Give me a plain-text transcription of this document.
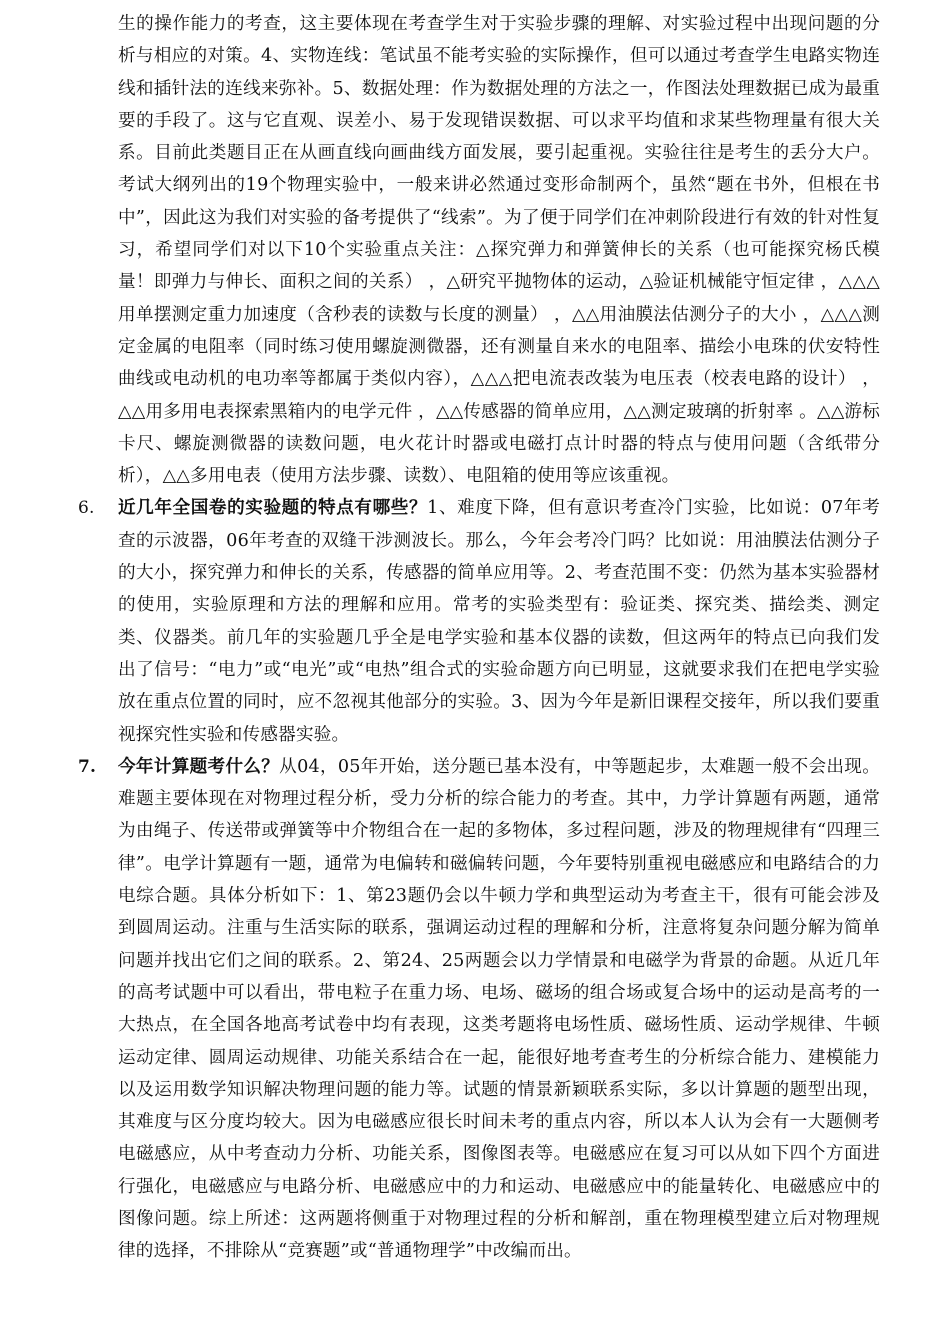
生的操作能力的考查，这主要体现在考查学生对于实验步骤的理解、对实验过程中出现问题的分析与相应的对策。4、实物连线：笔试虽不能考实验的实际操作，但可以通过考查学生电路实物连线和插针法的连线来弥补。5、数据处理：作为数据处理的方法之一，作图法处理数据已成为最重要的手段了。这与它直观、误差小、易于发现错误数据、可以求平均值和求某些物理量有很大关系。目前此类题目正在从画直线向画曲线方面发展，要引起重视。实验往往是考生的丢分大户。考试大纲列出的19个物理实验中，一般来讲必然通过变形命制两个，虽然“题在书外，但根在书中”，因此这为我们对实验的备考提供了“线索”。为了便于同学们在冲刺阶段进行有效的针对性复习，希望同学们对以下10个实验重点关注：△探究弹力和弹簧伸长的关系（也可能探究杨氏模量！即弹力与伸长、面积之间的关系） ，△研究平抛物体的运动，△验证机械能守恒定律 ，△△△用单摆测定重力加速度（含秒表的读数与长度的测量） ，△△用油膜法估测分子的大小 ，△△△测定金属的电阻率（同时练习使用螺旋测微器，还有测量自来水的电阻率、描绘小电珠的伏安特性曲线或电动机的电功率等都属于类似内容），△△△把电流表改装为电压表（校表电路的设计） ，△△用多用电表探索黑箱内的电学元件 ，△△传感器的简单应用，△△测定玻璃的折射率 。△△游标卡尺、螺旋测微器的读数问题，电火花计时器或电磁打点计时器的特点与使用问题（含纸带分析），△△多用电表（使用方法步骤、读数）、电阻箱的使用等应该重视。

6. 近几年全国卷的实验题的特点有哪些？1、难度下降，但有意识考查冷门实验，比如说：07年考查的示波器，06年考查的双缝干涉测波长。那么，今年会考冷门吗？比如说：用油膜法估测分子的大小，探究弹力和伸长的关系，传感器的简单应用等。2、考查范围不变：仍然为基本实验器材的使用，实验原理和方法的理解和应用。常考的实验类型有：验证类、探究类、描绘类、测定类、仪器类。前几年的实验题几乎全是电学实验和基本仪器的读数，但这两年的特点已向我们发出了信号：“电力”或“电光”或“电热”组合式的实验命题方向已明显，这就要求我们在把电学实验放在重点位置的同时，应不忽视其他部分的实验。3、因为今年是新旧课程交接年，所以我们要重视探究性实验和传感器实验。
7. 今年计算题考什么？从04，05年开始，送分题已基本没有，中等题起步，太难题一般不会出现。难题主要体现在对物理过程分析，受力分析的综合能力的考查。其中，力学计算题有两题，通常为由绳子、传送带或弹簧等中介物组合在一起的多物体，多过程问题，涉及的物理规律有“四理三律”。电学计算题有一题，通常为电偏转和磁偏转问题，今年要特别重视电磁感应和电路结合的力电综合题。具体分析如下：1、第23题仍会以牛顿力学和典型运动为考查主干，很有可能会涉及到圆周运动。注重与生活实际的联系，强调运动过程的理解和分析，注意将复杂问题分解为简单问题并找出它们之间的联系。2、第24、25两题会以力学情景和电磁学为背景的命题。从近几年的高考试题中可以看出，带电粒子在重力场、电场、磁场的组合场或复合场中的运动是高考的一大热点，在全国各地高考试卷中均有表现，这类考题将电场性质、磁场性质、运动学规律、牛顿运动定律、圆周运动规律、功能关系结合在一起，能很好地考查考生的分析综合能力、建模能力以及运用数学知识解决物理问题的能力等。试题的情景新颖联系实际，多以计算题的题型出现，其难度与区分度均较大。因为电磁感应很长时间未考的重点内容，所以本人认为会有一大题侧考电磁感应，从中考查动力分析、功能关系，图像图表等。电磁感应在复习可以从如下四个方面进行强化，电磁感应与电路分析、电磁感应中的力和运动、电磁感应中的能量转化、电磁感应中的图像问题。综上所述：这两题将侧重于对物理过程的分析和解剖，重在物理模型建立后对物理规律的选择，不排除从“竞赛题”或“普通物理学”中改编而出。
